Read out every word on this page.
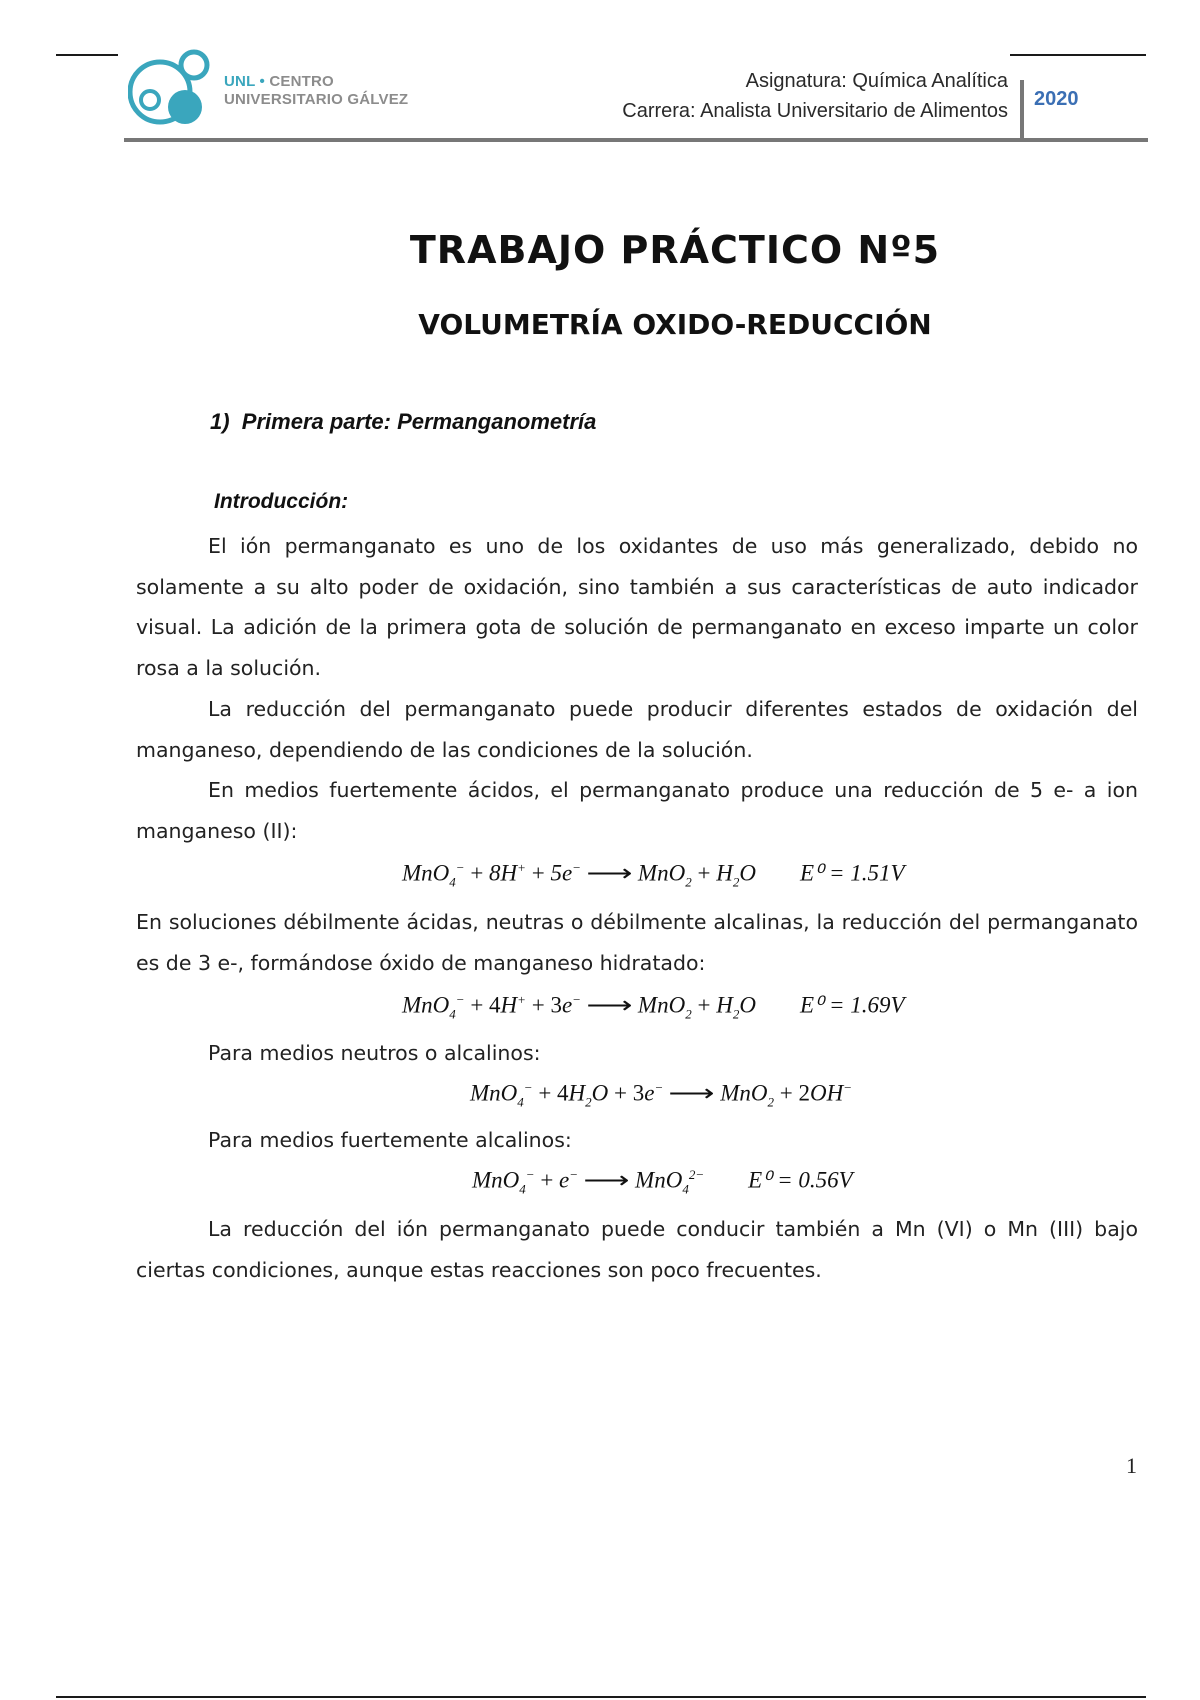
UNL • CENTRO
UNIVERSITARIO GÁLVEZ
Asignatura: Química Analítica
Carrera: Analista Universitario de Alimentos
2020
TRABAJO PRÁCTICO Nº5
VOLUMETRÍA OXIDO-REDUCCIÓN
1) Primera parte: Permanganometría
Introducción:

El ión permanganato es uno de los oxidantes de uso más generalizado, debido no solamente a su alto poder de oxidación, sino también a sus características de auto indicador visual. La adición de la primera gota de solución de permanganato en exceso imparte un color rosa a la solución.

La reducción del permanganato puede producir diferentes estados de oxidación del manganeso, dependiendo de las condiciones de la solución.

En medios fuertemente ácidos, el permanganato produce una reducción de 5 e- a ion manganeso (II):

MnO$_4$− + 8H+ + 5e− ⟶ $MnO_2 + H_2O$ E⁰ = 1.51V

En soluciones débilmente ácidas, neutras o débilmente alcalinas, la reducción del permanganato es de 3 e-, formándose óxido de manganeso hidratado:

MnO$_4$− + 4H+ + 3e− ⟶ $MnO_2 + H_2O$ E⁰ = 1.69V

Para medios neutros o alcalinos:

$MnO_4^- + 4H_2O + 3e^-$ ⟶ MnO$_2$ + 2OH−

Para medios fuertemente alcalinos:

MnO$_4$− + e− ⟶ MnO$_4^{2-}$ E⁰ = 0.56V

La reducción del ión permanganato puede conducir también a Mn (VI) o Mn (III) bajo ciertas condiciones, aunque estas reacciones son poco frecuentes.

1
